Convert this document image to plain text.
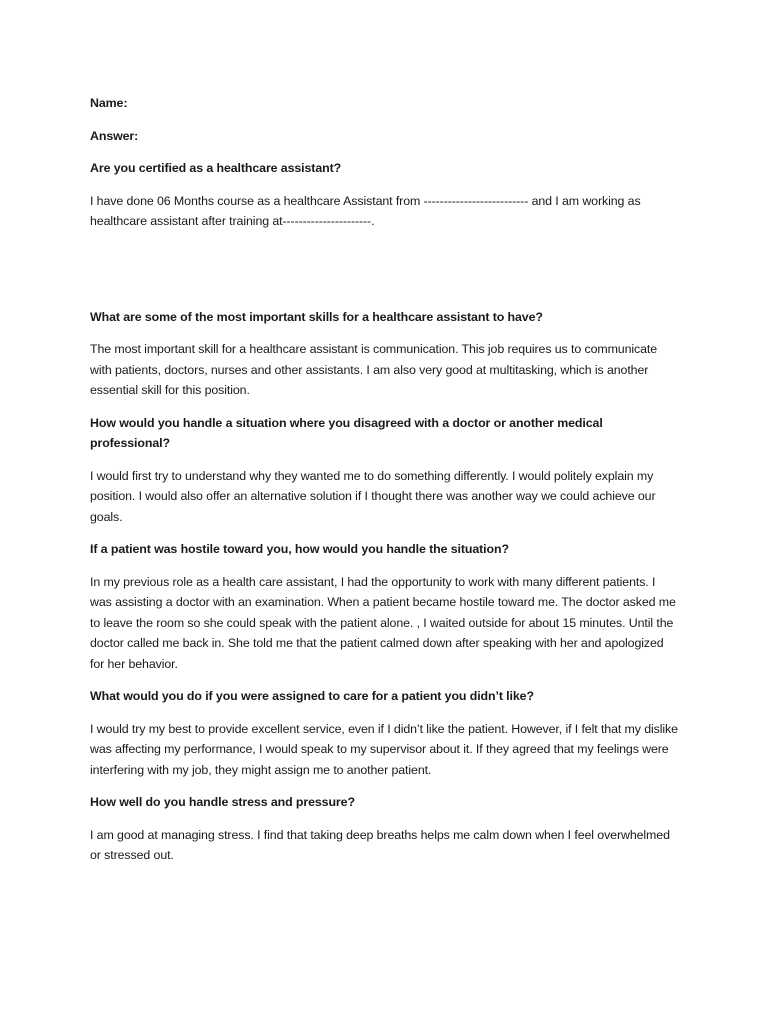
Name:

Answer:

Are you certified as a healthcare assistant?

I have done 06 Months course as a healthcare Assistant from -------------------------- and I am working as healthcare assistant after training at----------------------.

What are some of the most important skills for a healthcare assistant to have?

The most important skill for a healthcare assistant is communication. This job requires us to communicate with patients, doctors, nurses and other assistants. I am also very good at multitasking, which is another essential skill for this position.

How would you handle a situation where you disagreed with a doctor or another medical professional?

I would first try to understand why they wanted me to do something differently. I would politely explain my position. I would also offer an alternative solution if I thought there was another way we could achieve our goals.

If a patient was hostile toward you, how would you handle the situation?

In my previous role as a health care assistant, I had the opportunity to work with many different patients. I was assisting a doctor with an examination. When a patient became hostile toward me. The doctor asked me to leave the room so she could speak with the patient alone. , I waited outside for about 15 minutes. Until the doctor called me back in. She told me that the patient calmed down after speaking with her and apologized for her behavior.

What would you do if you were assigned to care for a patient you didn’t like?

I would try my best to provide excellent service, even if I didn’t like the patient. However, if I felt that my dislike was affecting my performance, I would speak to my supervisor about it. If they agreed that my feelings were interfering with my job, they might assign me to another patient.

How well do you handle stress and pressure?

I am good at managing stress. I find that taking deep breaths helps me calm down when I feel overwhelmed or stressed out.
